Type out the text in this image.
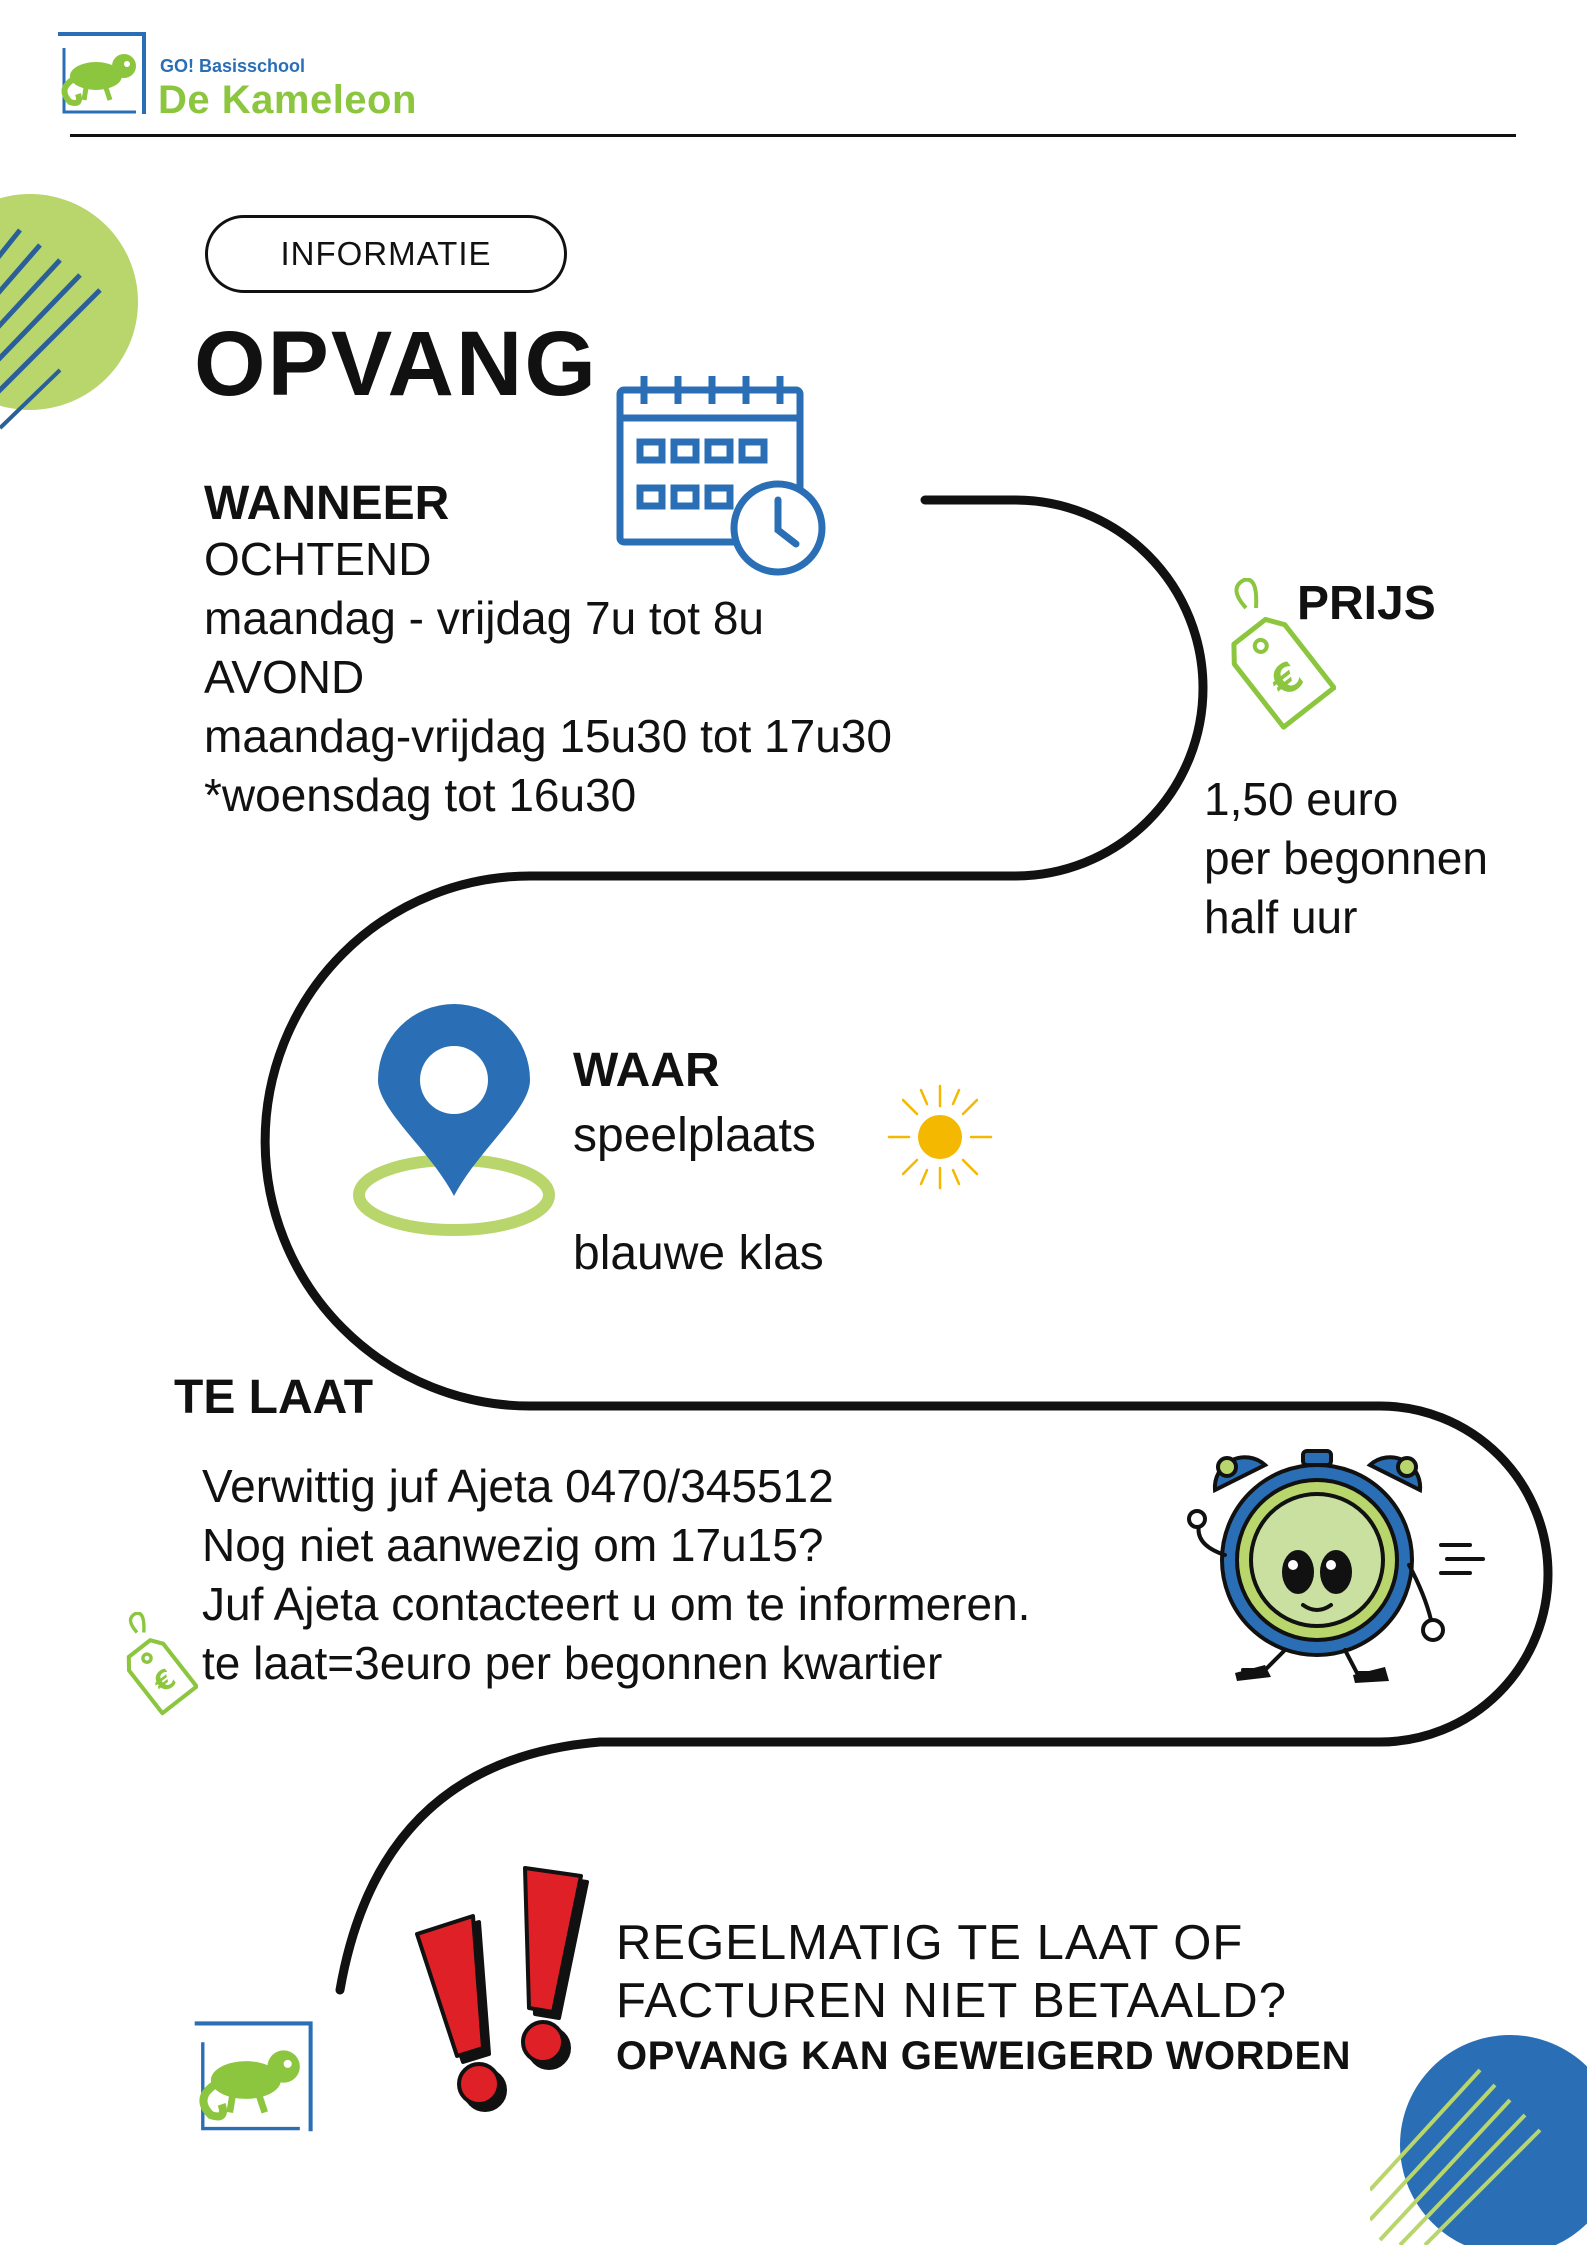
GO! Basisschool
De Kameleon
INFORMATIE
OPVANG
WANNEER
OCHTEND
maandag - vrijdag 7u tot 8u
AVOND
maandag-vrijdag 15u30 tot 17u30
*woensdag tot 16u30
€
PRIJS
1,50 euro
per begonnen
half uur
WAAR
speelplaats
blauwe klas
TE LAAT
Verwittig juf Ajeta 0470/345512
Nog niet aanwezig om 17u15?
Juf Ajeta contacteert u om te informeren.
te laat=3euro per begonnen kwartier
€
REGELMATIG TE LAAT OF
FACTUREN NIET BETAALD?
OPVANG KAN GEWEIGERD WORDEN
